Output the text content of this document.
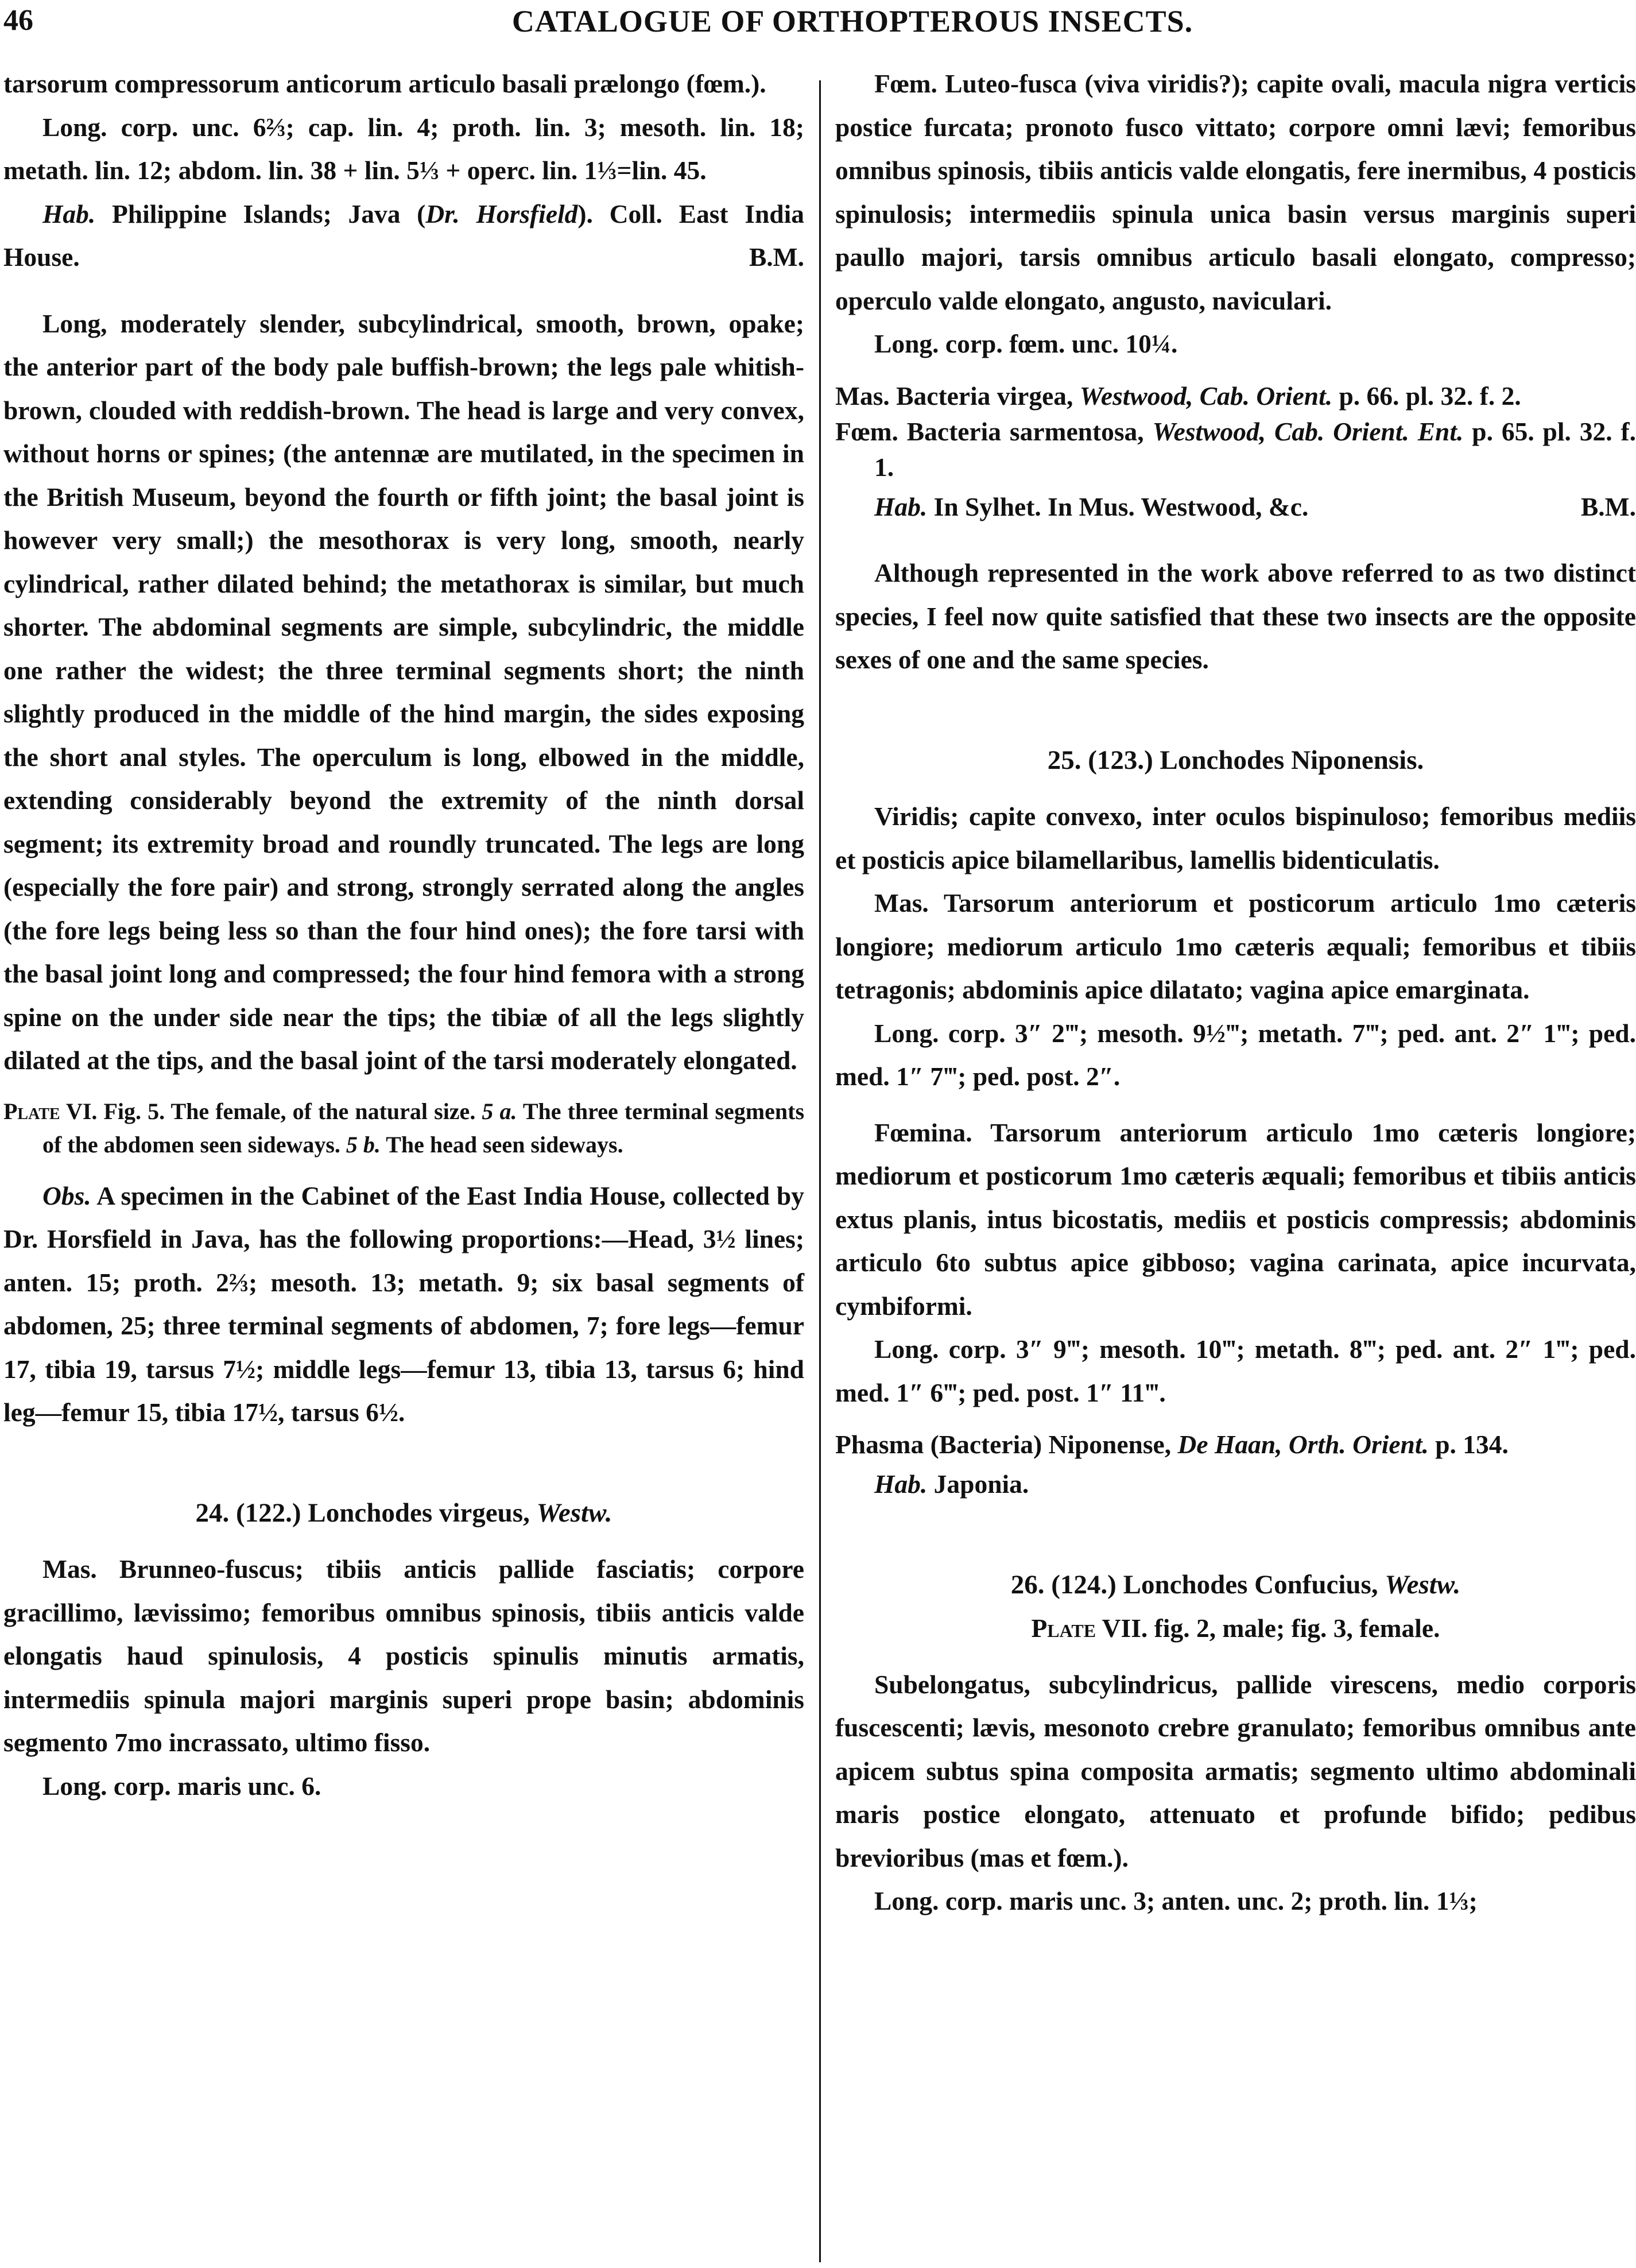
46	CATALOGUE OF ORTHOPTEROUS INSECTS.

tarsorum compressorum anticorum articulo basali prælongo (fœm.).

Long. corp. unc. 6⅔; cap. lin. 4; proth. lin. 3; mesoth. lin. 18; metath. lin. 12; abdom. lin. 38 + lin. 5⅓ + operc. lin. 1⅓=lin. 45.

Hab. Philippine Islands; Java (Dr. Horsfield). Coll. East India House.	B.M.

Long, moderately slender, subcylindrical, smooth, brown, opake; the anterior part of the body pale buffish-brown; the legs pale whitish-brown, clouded with reddish-brown. The head is large and very convex, without horns or spines; (the antennæ are mutilated, in the specimen in the British Museum, beyond the fourth or fifth joint; the basal joint is however very small;) the mesothorax is very long, smooth, nearly cylindrical, rather dilated behind; the metathorax is similar, but much shorter. The abdominal segments are simple, subcylindric, the middle one rather the widest; the three terminal segments short; the ninth slightly produced in the middle of the hind margin, the sides exposing the short anal styles. The operculum is long, elbowed in the middle, extending considerably beyond the extremity of the ninth dorsal segment; its extremity broad and roundly truncated. The legs are long (especially the fore pair) and strong, strongly serrated along the angles (the fore legs being less so than the four hind ones); the fore tarsi with the basal joint long and compressed; the four hind femora with a strong spine on the under side near the tips; the tibiæ of all the legs slightly dilated at the tips, and the basal joint of the tarsi moderately elongated.

Plate VI. Fig. 5. The female, of the natural size. 5 a. The three terminal segments of the abdomen seen sideways. 5 b. The head seen sideways.

Obs. A specimen in the Cabinet of the East India House, collected by Dr. Horsfield in Java, has the following proportions:—Head, 3½ lines; anten. 15; proth. 2⅔; mesoth. 13; metath. 9; six basal segments of abdomen, 25; three terminal segments of abdomen, 7; fore legs—femur 17, tibia 19, tarsus 7½; middle legs—femur 13, tibia 13, tarsus 6; hind leg—femur 15, tibia 17½, tarsus 6½.

24. (122.) Lonchodes virgeus, Westw.

Mas. Brunneo-fuscus; tibiis anticis pallide fasciatis; corpore gracillimo, lævissimo; femoribus omnibus spinosis, tibiis anticis valde elongatis haud spinulosis, 4 posticis spinulis minutis armatis, intermediis spinula majori marginis superi prope basin; abdominis segmento 7mo incrassato, ultimo fisso.

Long. corp. maris unc. 6.

Fœm. Luteo-fusca (viva viridis?); capite ovali, macula nigra verticis postice furcata; pronoto fusco vittato; corpore omni lævi; femoribus omnibus spinosis, tibiis anticis valde elongatis, fere inermibus, 4 posticis spinulosis; intermediis spinula unica basin versus marginis superi paullo majori, tarsis omnibus articulo basali elongato, compresso; operculo valde elongato, angusto, naviculari.

Long. corp. fœm. unc. 10¼.

Mas. Bacteria virgea, Westwood, Cab. Orient. p. 66. pl. 32. f. 2.

Fœm. Bacteria sarmentosa, Westwood, Cab. Orient. Ent. p. 65. pl. 32. f. 1.

Hab. In Sylhet. In Mus. Westwood, &c.	B.M.

Although represented in the work above referred to as two distinct species, I feel now quite satisfied that these two insects are the opposite sexes of one and the same species.

25. (123.) Lonchodes Niponensis.

Viridis; capite convexo, inter oculos bispinuloso; femoribus mediis et posticis apice bilamellaribus, lamellis bidenticulatis.

Mas. Tarsorum anteriorum et posticorum articulo 1mo cæteris longiore; mediorum articulo 1mo cæteris æquali; femoribus et tibiis tetragonis; abdominis apice dilatato; vagina apice emarginata.

Long. corp. 3″ 2‴; mesoth. 9½‴; metath. 7‴; ped. ant. 2″ 1‴; ped. med. 1″ 7‴; ped. post. 2″.

Fœmina. Tarsorum anteriorum articulo 1mo cæteris longiore; mediorum et posticorum 1mo cæteris æquali; femoribus et tibiis anticis extus planis, intus bicostatis, mediis et posticis compressis; abdominis articulo 6to subtus apice gibboso; vagina carinata, apice incurvata, cymbiformi.

Long. corp. 3″ 9‴; mesoth. 10‴; metath. 8‴; ped. ant. 2″ 1‴; ped. med. 1″ 6‴; ped. post. 1″ 11‴.

Phasma (Bacteria) Niponense, De Haan, Orth. Orient. p. 134.

Hab. Japonia.

26. (124.) Lonchodes Confucius, Westw.

Plate VII. fig. 2, male; fig. 3, female.

Subelongatus, subcylindricus, pallide virescens, medio corporis fuscescenti; lævis, mesonoto crebre granulato; femoribus omnibus ante apicem subtus spina composita armatis; segmento ultimo abdominali maris postice elongato, attenuato et profunde bifido; pedibus brevioribus (mas et fœm.).

Long. corp. maris unc. 3; anten. unc. 2; proth. lin. 1⅓;
